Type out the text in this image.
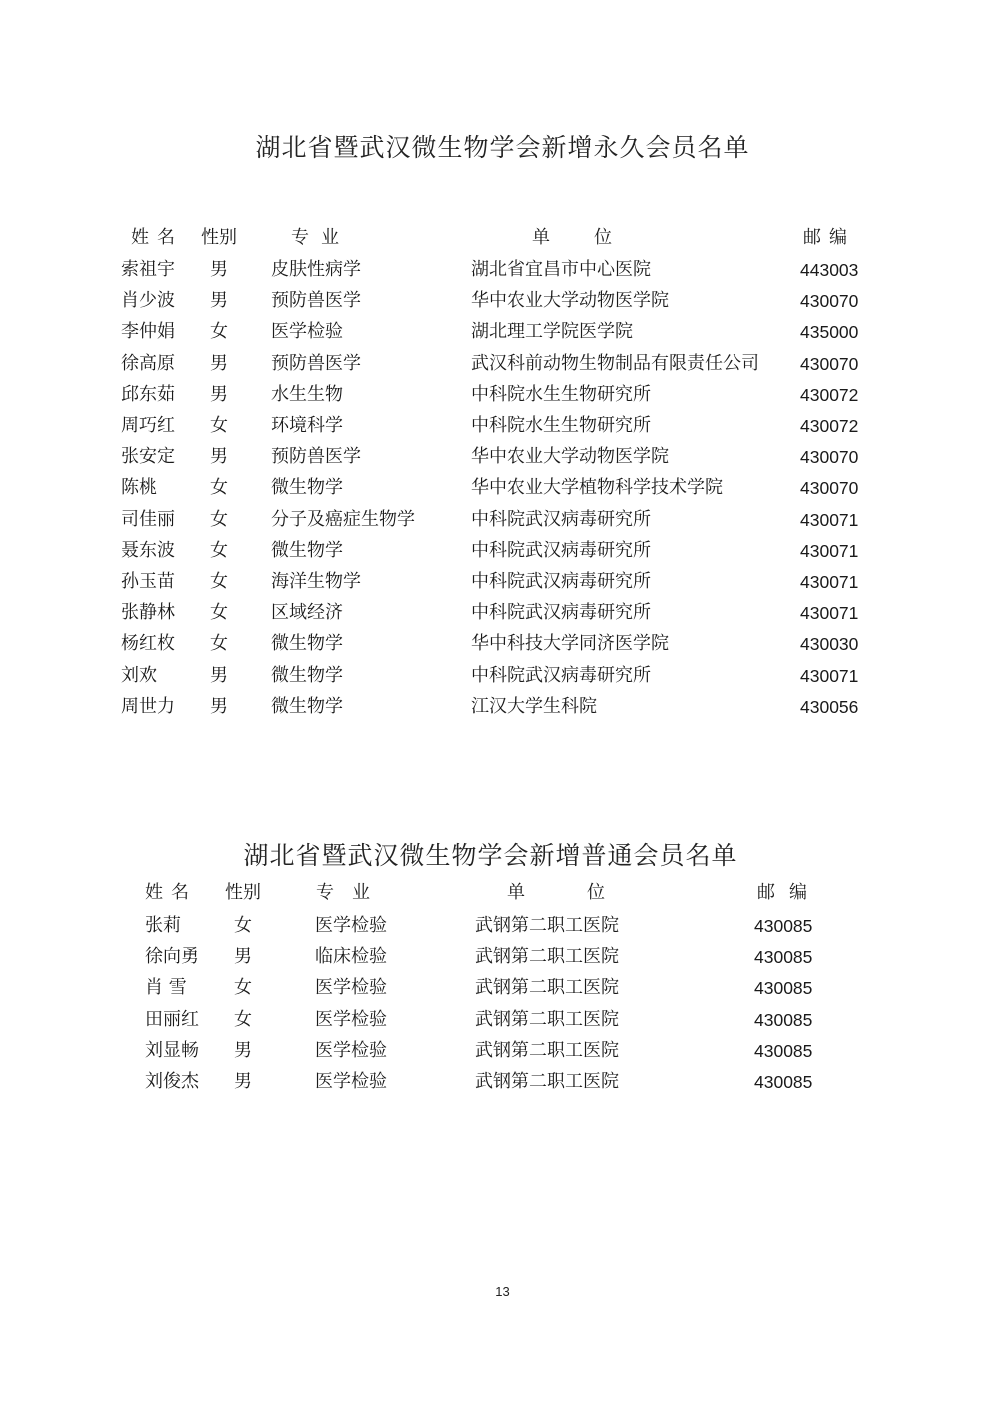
湖北省暨武汉微生物学会新增永久会员名单
姓名 性别	专业	单位	邮编
索祖宇 男 皮肤性病学	湖北省宜昌市中心医院	443003
肖少波 男 预防兽医学	华中农业大学动物医学院	430070
李仲娟 女 医学检验	湖北理工学院医学院	435000
徐高原 男 预防兽医学	武汉科前动物生物制品有限责任公司 430070
邱东茹 男 水生生物	中科院水生生物研究所	430072
周巧红 女 环境科学	中科院水生生物研究所	430072
张安定 男 预防兽医学	华中农业大学动物医学院	430070
陈桃	女 微生物学	华中农业大学植物科学技术学院	430070
司佳丽 女 分子及癌症生物学	中科院武汉病毒研究所	430071
聂东波 女 微生物学	中科院武汉病毒研究所	430071
孙玉苗 女 海洋生物学	中科院武汉病毒研究所	430071
张静林 女 区域经济	中科院武汉病毒研究所	430071
杨红枚 女 微生物学	华中科技大学同济医学院	430030
刘欢	男 微生物学	中科院武汉病毒研究所	430071
周世力 男 微生物学	江汉大学生科院	430056
湖北省暨武汉微生物学会新增普通会员名单
姓名 性别	专业	单位	邮编
张莉	女	医学检验	武钢第二职工医院	430085
徐向勇 男	临床检验	武钢第二职工医院	430085
肖 雪	女	医学检验	武钢第二职工医院	430085
田丽红 女	医学检验	武钢第二职工医院	430085
刘显畅 男	医学检验	武钢第二职工医院	430085
刘俊杰 男	医学检验	武钢第二职工医院	430085
13
